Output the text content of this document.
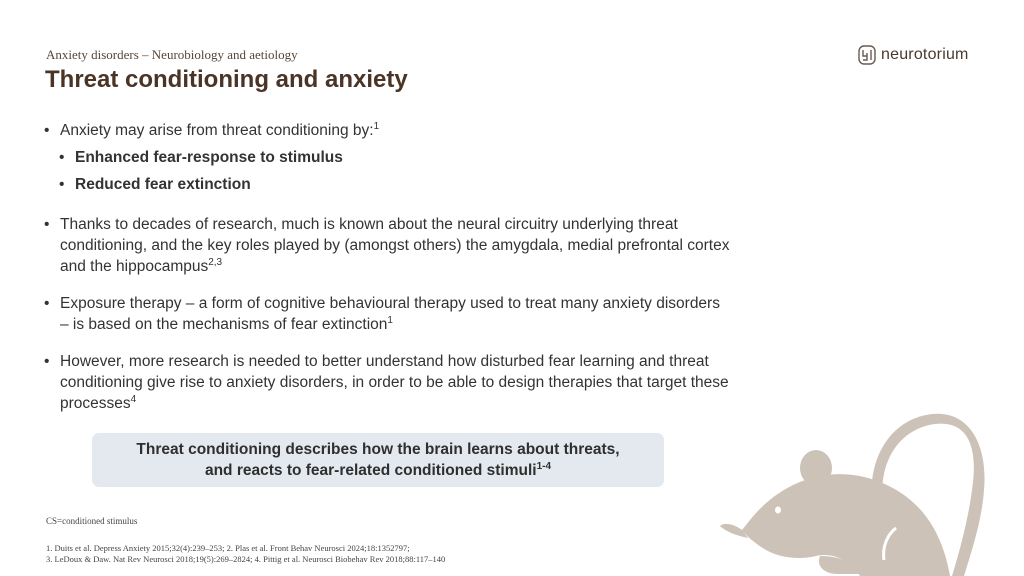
Anxiety disorders – Neurobiology and aetiology
Threat conditioning and anxiety
neurotorium
• Anxiety may arise from threat conditioning by:$^1$
• Enhanced fear-response to stimulus
• Reduced fear extinction
• Thanks to decades of research, much is known about the neural circuitry underlying threat
conditioning, and the key roles played by (amongst others) the amygdala, medial prefrontal cortex
and the hippocampus$^{2,3}$
• Exposure therapy – a form of cognitive behavioural therapy used to treat many anxiety disorders
– is based on the mechanisms of fear extinction$^1$
• However, more research is needed to better understand how disturbed fear learning and threat
conditioning give rise to anxiety disorders, in order to be able to design therapies that target these
processes$^4$
Threat conditioning describes how the brain learns about threats,
and reacts to fear-related conditioned stimuli$^{1-4}$
CS=conditioned stimulus
1. Duits et al. Depress Anxiety 2015;32(4):239–253; 2. Plas et al. Front Behav Neurosci 2024;18:1352797;
3. LeDoux & Daw. Nat Rev Neurosci 2018;19(5):269–2824; 4. Pittig et al. Neurosci Biobehav Rev 2018;88:117–140
